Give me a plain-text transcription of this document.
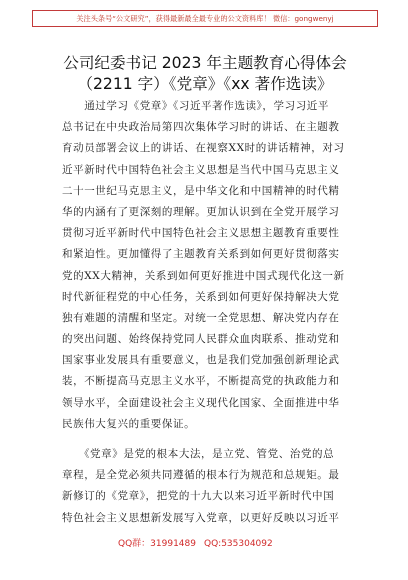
关注头条号“公文研究”，获得最新最全最专业的公文资料库！ 微信：gongwenyj
公司纪委书记 2023 年主题教育心得体会
（2211 字）《党章》《xx 著作选读》
　　通过学习《党章》《习近平著作选读》，学习习近平
总书记在中央政治局第四次集体学习时的讲话、在主题教
育动员部署会议上的讲话、在视察XX时的讲话精神，对习
近平新时代中国特色社会主义思想是当代中国马克思主义
二十一世纪马克思主义，是中华文化和中国精神的时代精
华的内涵有了更深刻的理解。更加认识到在全党开展学习
贯彻习近平新时代中国特色社会主义思想主题教育重要性
和紧迫性。更加懂得了主题教育关系到如何更好贯彻落实
党的XX大精神，关系到如何更好推进中国式现代化这一新
时代新征程党的中心任务，关系到如何更好保持解决大党
独有难题的清醒和坚定。对统一全党思想、解决党内存在
的突出问题、始终保持党同人民群众血肉联系、推动党和
国家事业发展具有重要意义，也是我们党加强创新理论武
装，不断提高马克思主义水平，不断提高党的执政能力和
领导水平，全面建设社会主义现代化国家、全面推进中华
民族伟大复兴的重要保证。
　　《党章》是党的根本大法，是立党、管党、治党的总
章程，是全党必须共同遵循的根本行为规范和总规矩。最
新修订的《党章》，把党的十九大以来习近平新时代中国
特色社会主义思想新发展写入党章，以更好反映以习近平
QQ群：31991489 QQ:535304092
